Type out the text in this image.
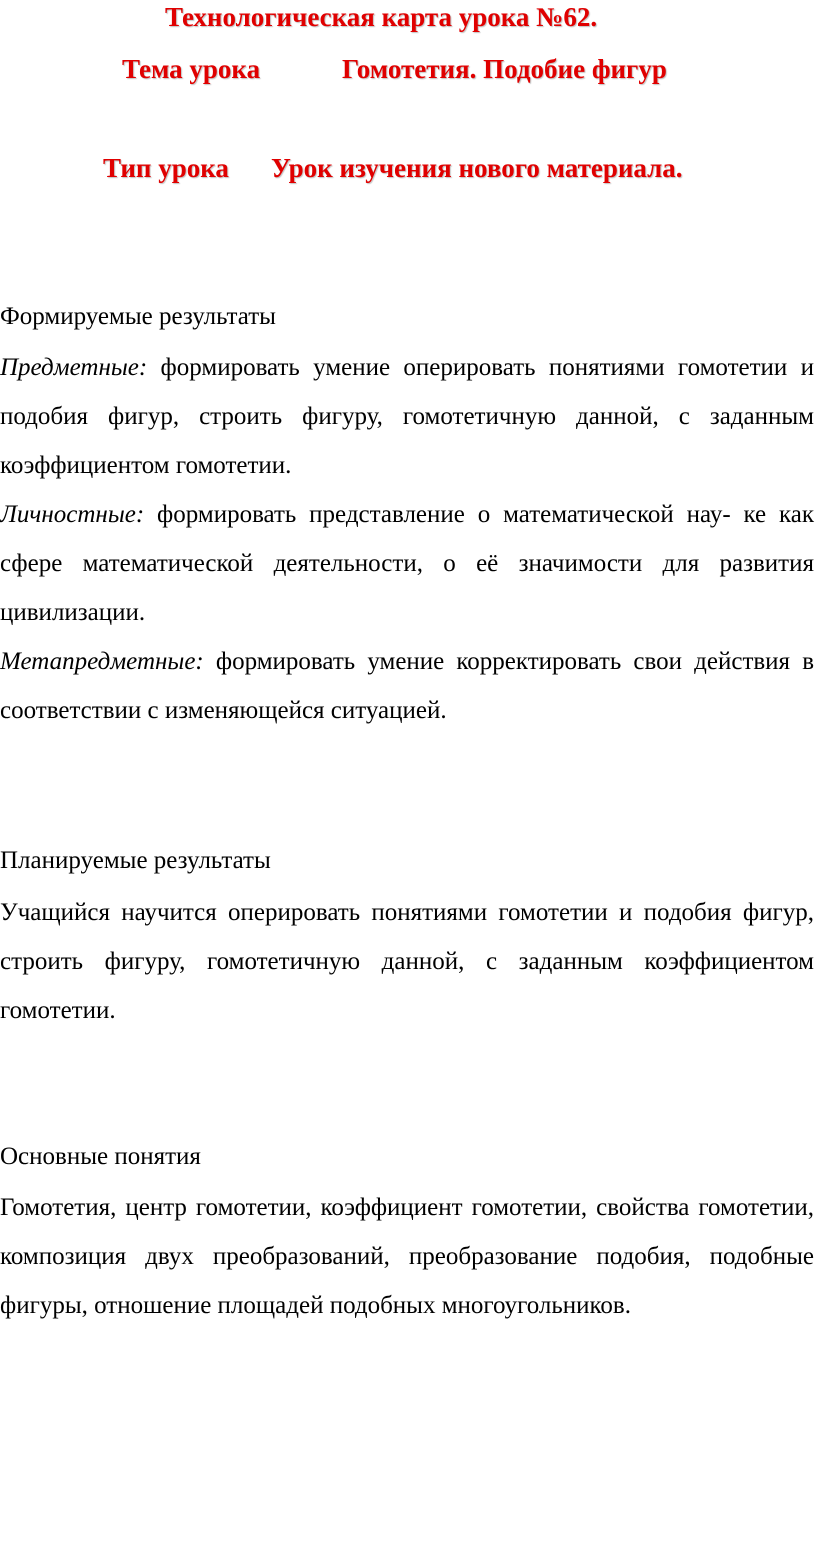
Технологическая карта урока №62.
Тема урока	Гомотетия. Подобие фигур
Тип урока Урок изучения нового материала.
Формируемые результаты

Предметные: формировать умение оперировать понятиями гомотетии и подобия фигур, строить фигуру, гомотетичную данной, с заданным коэффициентом гомотетии.

Личностные: формировать представление о математической нау- ке как сфере математической деятельности, о её значимости для развития цивилизации.

Метапредметные: формировать умение корректировать свои действия в соответствии с изменяющейся ситуацией.

Планируемые результаты

Учащийся научится оперировать понятиями гомотетии и подобия фигур, строить фигуру, гомотетичную данной, с заданным коэффициентом гомотетии.

Основные понятия

Гомотетия, центр гомотетии, коэффициент гомотетии, свойства гомотетии, композиция двух преобразований, преобразование подобия, подобные фигуры, отношение площадей подобных многоугольников.
